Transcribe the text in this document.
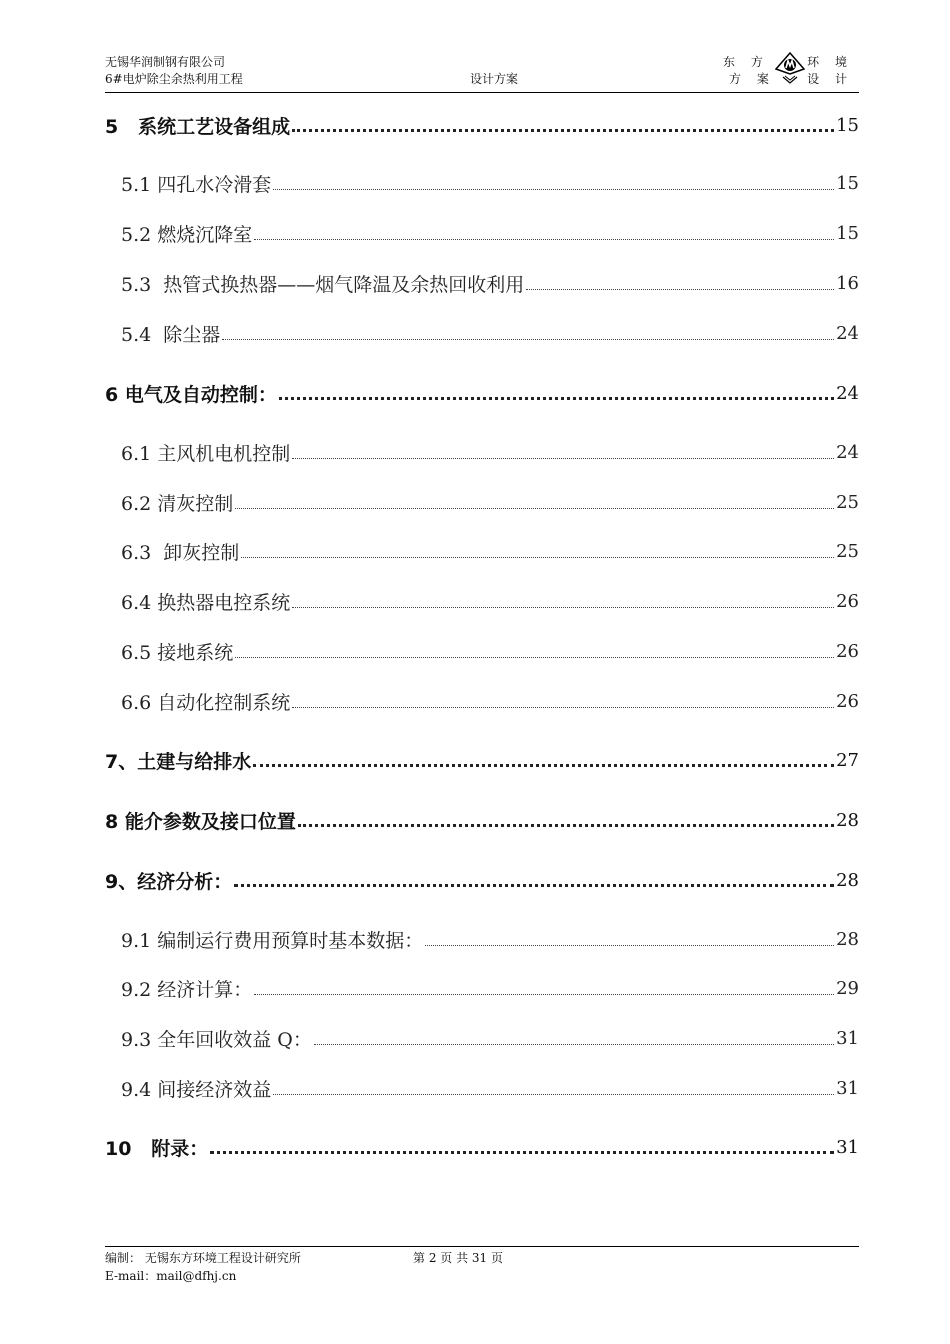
无锡华润制钢有限公司
6#电炉除尘余热利用工程	设计方案
东 方	环 境
方 案	设 计
5   系统工艺设备组成	15
5.1 四孔水冷滑套	15
5.2 燃烧沉降室	15
5.3  热管式换热器——烟气降温及余热回收利用	16
5.4  除尘器	24
6 电气及自动控制：	24
6.1 主风机电机控制	24
6.2 清灰控制	25
6.3  卸灰控制	25
6.4 换热器电控系统	26
6.5 接地系统	26
6.6 自动化控制系统	26
7、土建与给排水	27
8 能介参数及接口位置	28
9、经济分析：	28
9.1 编制运行费用预算时基本数据：	28
9.2 经济计算：	29
9.3 全年回收效益 Q：	31
9.4 间接经济效益	31
10   附录：	31
编制： 无锡东方环境工程设计研究所	第 2 页 共 31 页
E-mail：mail@dfhj.cn
